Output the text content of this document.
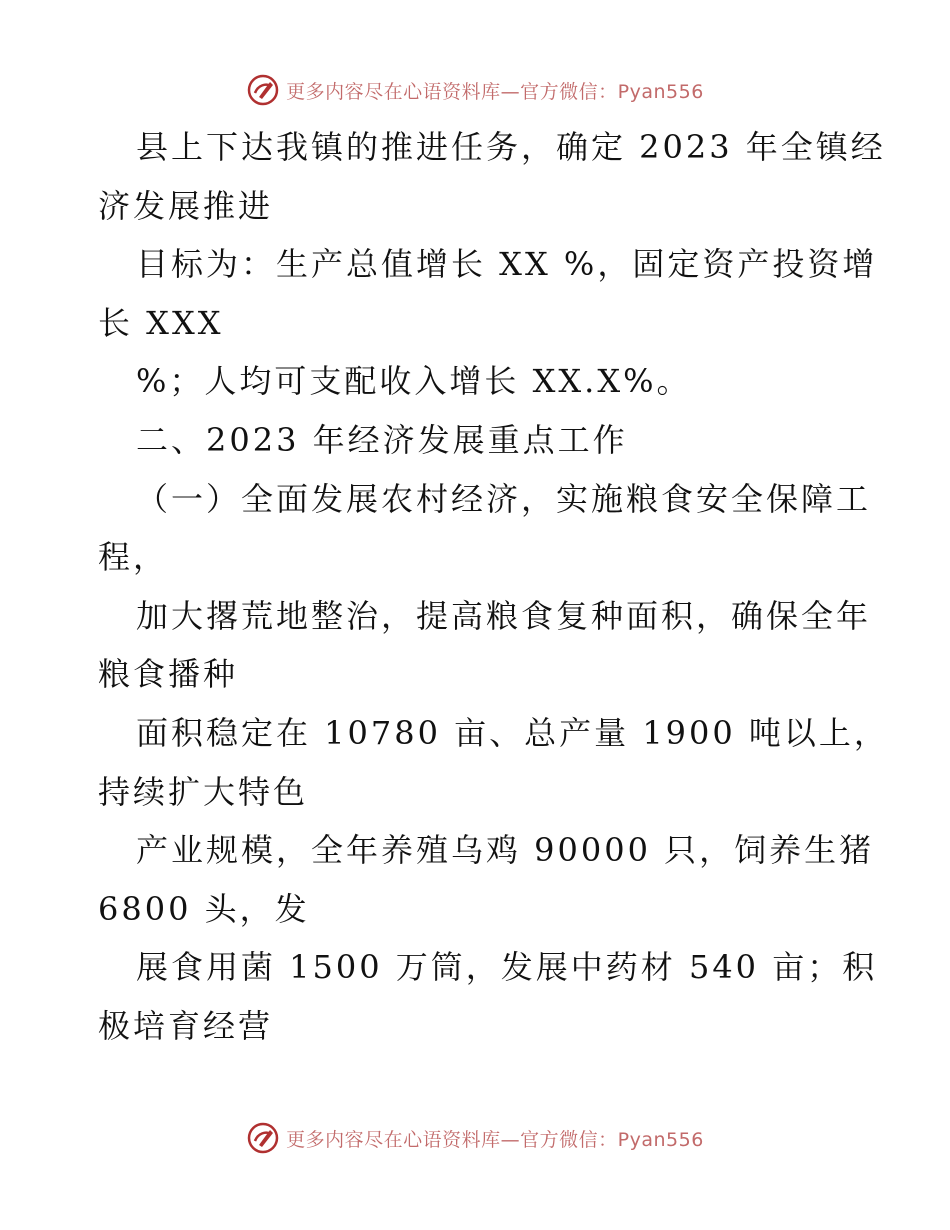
更多内容尽在心语资料库—官方微信：Pyan556
县上下达我镇的推进任务，确定 2023 年全镇经
济发展推进
目标为：生产总值增长 XX %，固定资产投资增
长 XXX
%；人均可支配收入增长 XX.X%。
二、2023 年经济发展重点工作
（一）全面发展农村经济，实施粮食安全保障工
程，
加大撂荒地整治，提高粮食复种面积，确保全年
粮食播种
面积稳定在 10780 亩、总产量 1900 吨以上，
持续扩大特色
产业规模，全年养殖乌鸡 90000 只，饲养生猪
6800 头，发
展食用菌 1500 万筒，发展中药材 540 亩；积
极培育经营
更多内容尽在心语资料库—官方微信：Pyan556
